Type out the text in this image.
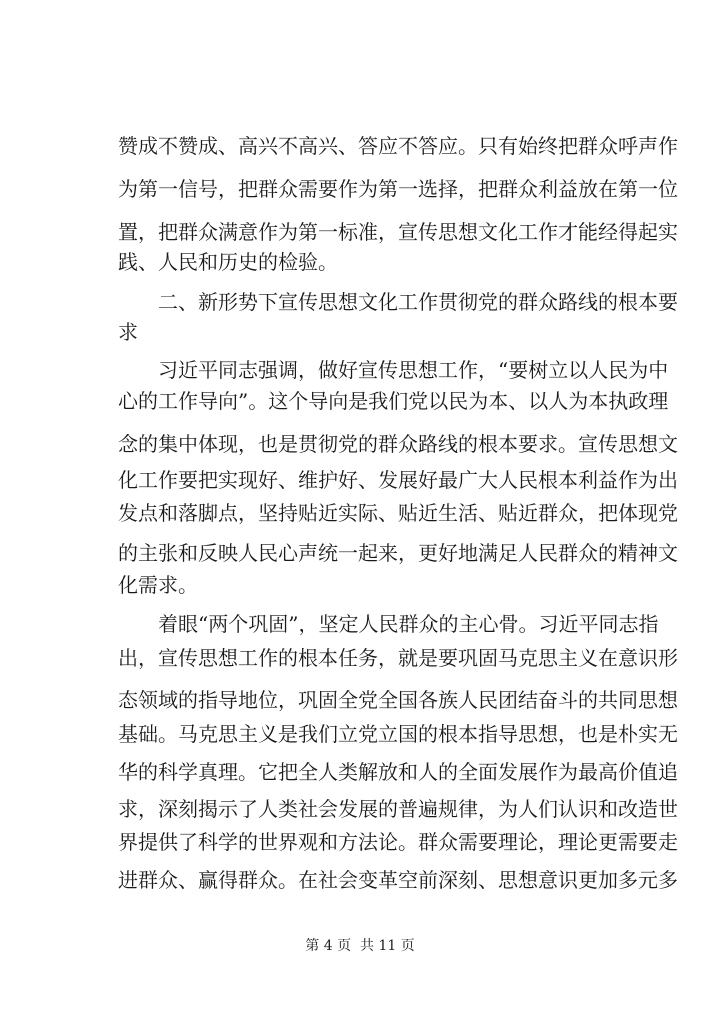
赞成不赞成、高兴不高兴、答应不答应。只有始终把群众呼声作
为第一信号，把群众需要作为第一选择，把群众利益放在第一位
置，把群众满意作为第一标准，宣传思想文化工作才能经得起实
践、人民和历史的检验。
二、新形势下宣传思想文化工作贯彻党的群众路线的根本要
求
习近平同志强调，做好宣传思想工作，“要树立以人民为中
心的工作导向”。这个导向是我们党以民为本、以人为本执政理
念的集中体现，也是贯彻党的群众路线的根本要求。宣传思想文
化工作要把实现好、维护好、发展好最广大人民根本利益作为出
发点和落脚点，坚持贴近实际、贴近生活、贴近群众，把体现党
的主张和反映人民心声统一起来，更好地满足人民群众的精神文
化需求。
着眼“两个巩固”，坚定人民群众的主心骨。习近平同志指
出，宣传思想工作的根本任务，就是要巩固马克思主义在意识形
态领域的指导地位，巩固全党全国各族人民团结奋斗的共同思想
基础。马克思主义是我们立党立国的根本指导思想，也是朴实无
华的科学真理。它把全人类解放和人的全面发展作为最高价值追
求，深刻揭示了人类社会发展的普遍规律，为人们认识和改造世
界提供了科学的世界观和方法论。群众需要理论，理论更需要走
进群众、赢得群众。在社会变革空前深刻、思想意识更加多元多
第 4 页  共 11 页
